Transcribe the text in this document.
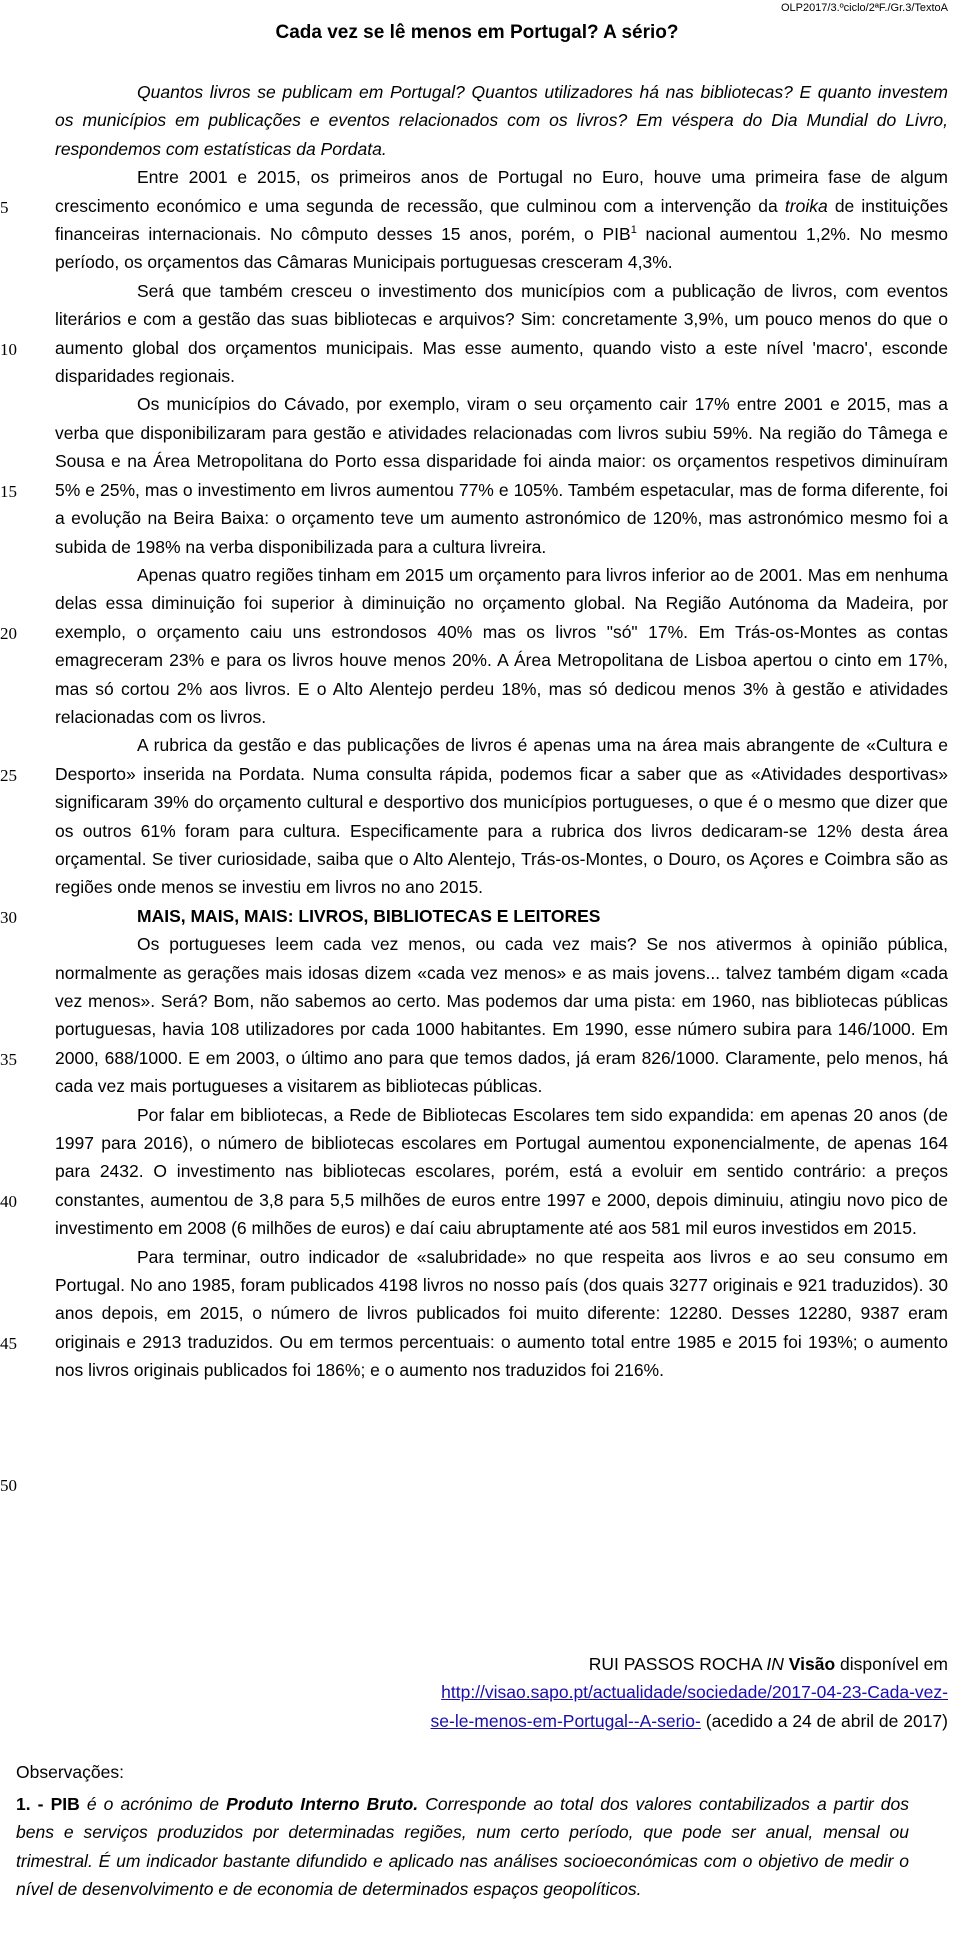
OLP2017/3.ºciclo/2ªF./Gr.3/TextoA
Cada vez se lê menos em Portugal? A sério?
5
10
15
20
25
30
35
40
45
50

Quantos livros se publicam em Portugal? Quantos utilizadores há nas bibliotecas? E quanto investem os municípios em publicações e eventos relacionados com os livros? Em véspera do Dia Mundial do Livro, respondemos com estatísticas da Pordata.

Entre 2001 e 2015, os primeiros anos de Portugal no Euro, houve uma primeira fase de algum crescimento económico e uma segunda de recessão, que culminou com a intervenção da troika de instituições financeiras internacionais. No cômputo desses 15 anos, porém, o PIB$^1$ nacional aumentou 1,2%. No mesmo período, os orçamentos das Câmaras Municipais portuguesas cresceram 4,3%.

Será que também cresceu o investimento dos municípios com a publicação de livros, com eventos literários e com a gestão das suas bibliotecas e arquivos? Sim: concretamente 3,9%, um pouco menos do que o aumento global dos orçamentos municipais. Mas esse aumento, quando visto a este nível 'macro', esconde disparidades regionais.

Os municípios do Cávado, por exemplo, viram o seu orçamento cair 17% entre 2001 e 2015, mas a verba que disponibilizaram para gestão e atividades relacionadas com livros subiu 59%. Na região do Tâmega e Sousa e na Área Metropolitana do Porto essa disparidade foi ainda maior: os orçamentos respetivos diminuíram 5% e 25%, mas o investimento em livros aumentou 77% e 105%. Também espetacular, mas de forma diferente, foi a evolução na Beira Baixa: o orçamento teve um aumento astronómico de 120%, mas astronómico mesmo foi a subida de 198% na verba disponibilizada para a cultura livreira.

Apenas quatro regiões tinham em 2015 um orçamento para livros inferior ao de 2001. Mas em nenhuma delas essa diminuição foi superior à diminuição no orçamento global. Na Região Autónoma da Madeira, por exemplo, o orçamento caiu uns estrondosos 40% mas os livros "só" 17%. Em Trás-os-Montes as contas emagreceram 23% e para os livros houve menos 20%. A Área Metropolitana de Lisboa apertou o cinto em 17%, mas só cortou 2% aos livros. E o Alto Alentejo perdeu 18%, mas só dedicou menos 3% à gestão e atividades relacionadas com os livros.

A rubrica da gestão e das publicações de livros é apenas uma na área mais abrangente de «Cultura e Desporto» inserida na Pordata. Numa consulta rápida, podemos ficar a saber que as «Atividades desportivas» significaram 39% do orçamento cultural e desportivo dos municípios portugueses, o que é o mesmo que dizer que os outros 61% foram para cultura. Especificamente para a rubrica dos livros dedicaram-se 12% desta área orçamental. Se tiver curiosidade, saiba que o Alto Alentejo, Trás-os-Montes, o Douro, os Açores e Coimbra são as regiões onde menos se investiu em livros no ano 2015.

MAIS, MAIS, MAIS: LIVROS, BIBLIOTECAS E LEITORES

Os portugueses leem cada vez menos, ou cada vez mais? Se nos ativermos à opinião pública, normalmente as gerações mais idosas dizem «cada vez menos» e as mais jovens... talvez também digam «cada vez menos». Será? Bom, não sabemos ao certo. Mas podemos dar uma pista: em 1960, nas bibliotecas públicas portuguesas, havia 108 utilizadores por cada 1000 habitantes. Em 1990, esse número subira para 146/1000. Em 2000, 688/1000. E em 2003, o último ano para que temos dados, já eram 826/1000. Claramente, pelo menos, há cada vez mais portugueses a visitarem as bibliotecas públicas.

Por falar em bibliotecas, a Rede de Bibliotecas Escolares tem sido expandida: em apenas 20 anos (de 1997 para 2016), o número de bibliotecas escolares em Portugal aumentou exponencialmente, de apenas 164 para 2432. O investimento nas bibliotecas escolares, porém, está a evoluir em sentido contrário: a preços constantes, aumentou de 3,8 para 5,5 milhões de euros entre 1997 e 2000, depois diminuiu, atingiu novo pico de investimento em 2008 (6 milhões de euros) e daí caiu abruptamente até aos 581 mil euros investidos em 2015.

Para terminar, outro indicador de «salubridade» no que respeita aos livros e ao seu consumo em Portugal. No ano 1985, foram publicados 4198 livros no nosso país (dos quais 3277 originais e 921 traduzidos). 30 anos depois, em 2015, o número de livros publicados foi muito diferente: 12280. Desses 12280, 9387 eram originais e 2913 traduzidos. Ou em termos percentuais: o aumento total entre 1985 e 2015 foi 193%; o aumento nos livros originais publicados foi 186%; e o aumento nos traduzidos foi 216%.

RUI PASSOS ROCHA IN Visão disponível em
http://visao.sapo.pt/actualidade/sociedade/2017-04-23-Cada-vez-
se-le-menos-em-Portugal--A-serio- (acedido a 24 de abril de 2017)
Observações:
1. - PIB é o acrónimo de Produto Interno Bruto. Corresponde ao total dos valores contabilizados a partir dos bens e serviços produzidos por determinadas regiões, num certo período, que pode ser anual, mensal ou trimestral. É um indicador bastante difundido e aplicado nas análises socioeconómicas com o objetivo de medir o nível de desenvolvimento e de economia de determinados espaços geopolíticos.
